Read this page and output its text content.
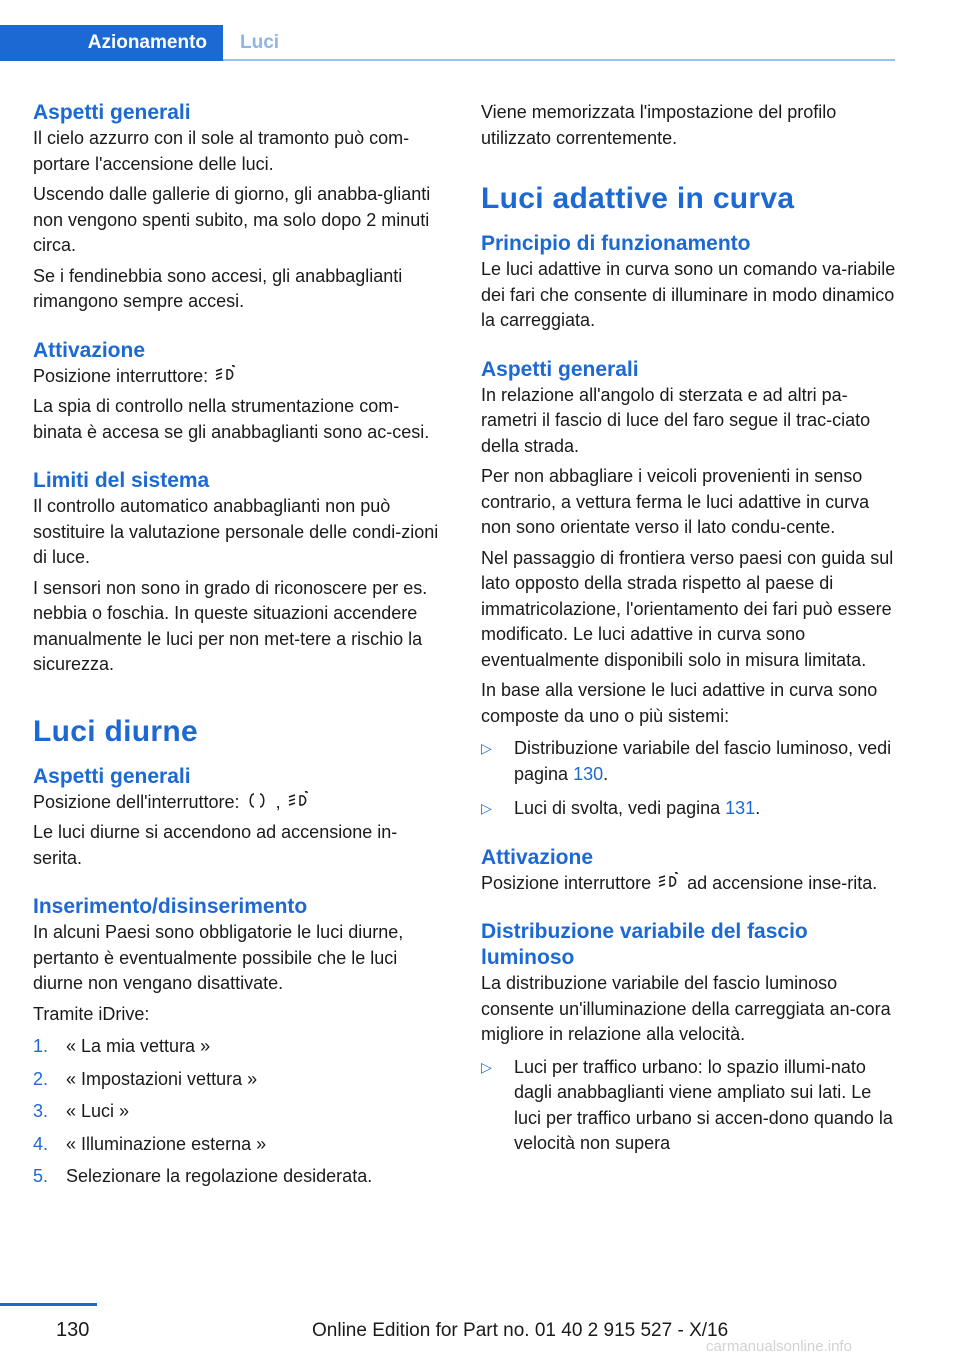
Azionamento	Luci
Aspetti generali

Il cielo azzurro con il sole al tramonto può com-portare l'accensione delle luci.

Uscendo dalle gallerie di giorno, gli anabba-glianti non vengono spenti subito, ma solo dopo 2 minuti circa.

Se i fendinebbia sono accesi, gli anabbaglianti rimangono sempre accesi.

Attivazione

Posizione interruttore:

La spia di controllo nella strumentazione com-binata è accesa se gli anabbaglianti sono ac-cesi.

Limiti del sistema

Il controllo automatico anabbaglianti non può sostituire la valutazione personale delle condi-zioni di luce.

I sensori non sono in grado di riconoscere per es. nebbia o foschia. In queste situazioni accendere manualmente le luci per non met-tere a rischio la sicurezza.

Luci diurne
Aspetti generali

Posizione dell'interruttore: ,

Le luci diurne si accendono ad accensione in-serita.

Inserimento/disinserimento

In alcuni Paesi sono obbligatorie le luci diurne, pertanto è eventualmente possibile che le luci diurne non vengano disattivate.

Tramite iDrive:

1. « La mia vettura »
2. « Impostazioni vettura »
3. « Luci »
4. « Illuminazione esterna »
5. Selezionare la regolazione desiderata.

Viene memorizzata l'impostazione del profilo utilizzato correntemente.

Luci adattive in curva
Principio di funzionamento

Le luci adattive in curva sono un comando va-riabile dei fari che consente di illuminare in modo dinamico la carreggiata.

Aspetti generali

In relazione all'angolo di sterzata e ad altri pa-rametri il fascio di luce del faro segue il trac-ciato della strada.

Per non abbagliare i veicoli provenienti in senso contrario, a vettura ferma le luci adattive in curva non sono orientate verso il lato condu-cente.

Nel passaggio di frontiera verso paesi con guida sul lato opposto della strada rispetto al paese di immatricolazione, l'orientamento dei fari può essere modificato. Le luci adattive in curva sono eventualmente disponibili solo in misura limitata.

In base alla versione le luci adattive in curva sono composte da uno o più sistemi:

▷ Distribuzione variabile del fascio luminoso, vedi pagina 130.
▷ Luci di svolta, vedi pagina 131.
Attivazione

Posizione interruttore ad accensione inse-rita.

Distribuzione variabile del fascio luminoso

La distribuzione variabile del fascio luminoso consente un'illuminazione della carreggiata an-cora migliore in relazione alla velocità.

▷ Luci per traffico urbano: lo spazio illumi-nato dagli anabbaglianti viene ampliato sui lati. Le luci per traffico urbano si accen-dono quando la velocità non supera
130	Online Edition for Part no. 01 40 2 915 527 - X/16
carmanualsonline.info
